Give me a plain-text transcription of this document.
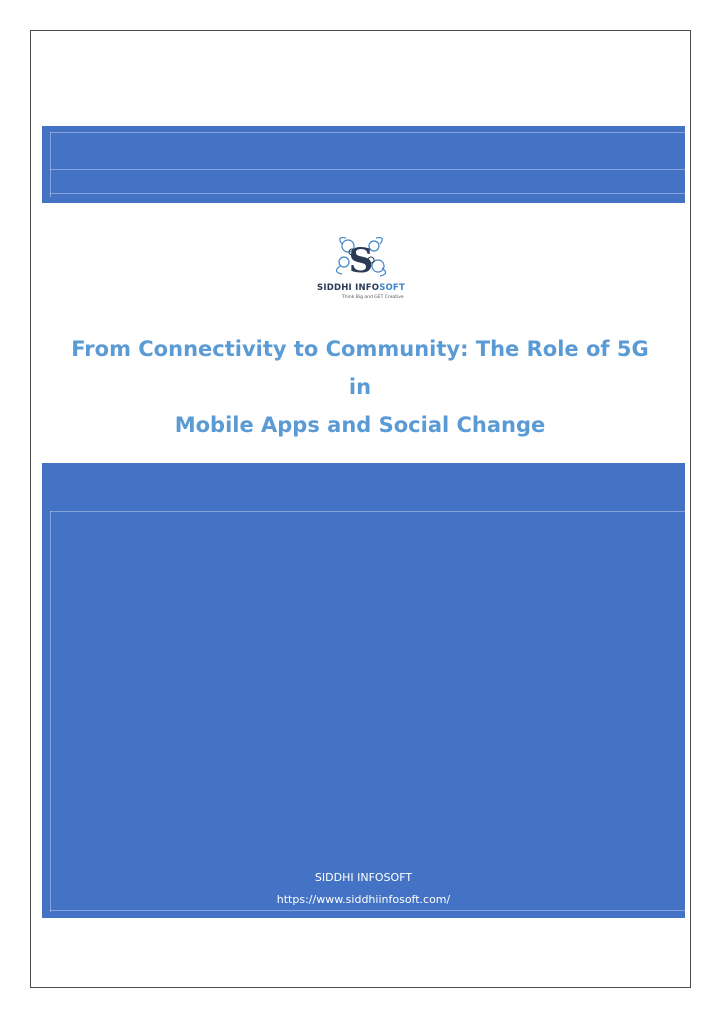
S
SIDDHI INFOSOFT
Think Big and GET Creative
From Connectivity to Community: The Role of 5G in
Mobile Apps and Social Change
SIDDHI INFOSOFT
https://www.siddhiinfosoft.com/
